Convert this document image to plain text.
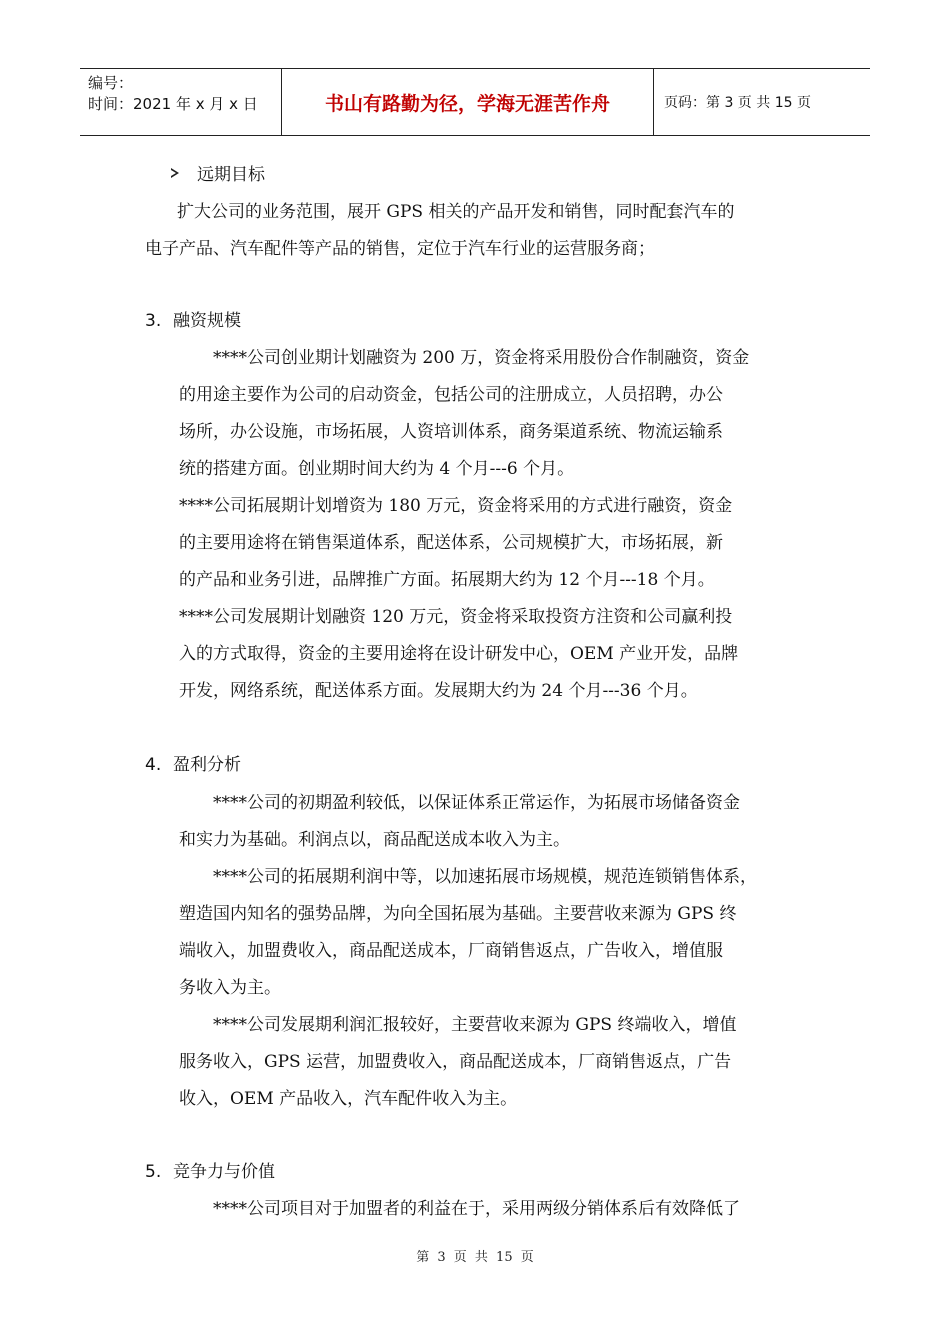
编号：
时间：2021 年 x 月 x 日	书山有路勤为径，学海无涯苦作舟	页码：第 3 页 共 15 页
远期目标
扩大公司的业务范围，展开 GPS 相关的产品开发和销售，同时配套汽车的
电子产品、汽车配件等产品的销售，定位于汽车行业的运营服务商；
3. 融资规模
****公司创业期计划融资为 200 万，资金将采用股份合作制融资，资金
的用途主要作为公司的启动资金，包括公司的注册成立，人员招聘，办公
场所，办公设施，市场拓展，人资培训体系，商务渠道系统、物流运输系
统的搭建方面。创业期时间大约为 4 个月---6 个月。
****公司拓展期计划增资为 180 万元，资金将采用的方式进行融资，资金
的主要用途将在销售渠道体系，配送体系，公司规模扩大，市场拓展，新
的产品和业务引进，品牌推广方面。拓展期大约为 12 个月---18 个月。
****公司发展期计划融资 120 万元，资金将采取投资方注资和公司赢利投
入的方式取得，资金的主要用途将在设计研发中心，OEM 产业开发，品牌
开发，网络系统，配送体系方面。发展期大约为 24 个月---36 个月。
4. 盈利分析
****公司的初期盈利较低，以保证体系正常运作，为拓展市场储备资金
和实力为基础。利润点以，商品配送成本收入为主。
****公司的拓展期利润中等，以加速拓展市场规模，规范连锁销售体系，
塑造国内知名的强势品牌，为向全国拓展为基础。主要营收来源为 GPS 终
端收入，加盟费收入，商品配送成本，厂商销售返点，广告收入，增值服
务收入为主。
****公司发展期利润汇报较好，主要营收来源为 GPS 终端收入，增值
服务收入，GPS 运营，加盟费收入，商品配送成本，厂商销售返点，广告
收入，OEM 产品收入，汽车配件收入为主。
5. 竞争力与价值
****公司项目对于加盟者的利益在于，采用两级分销体系后有效降低了
第 3 页 共 15 页
